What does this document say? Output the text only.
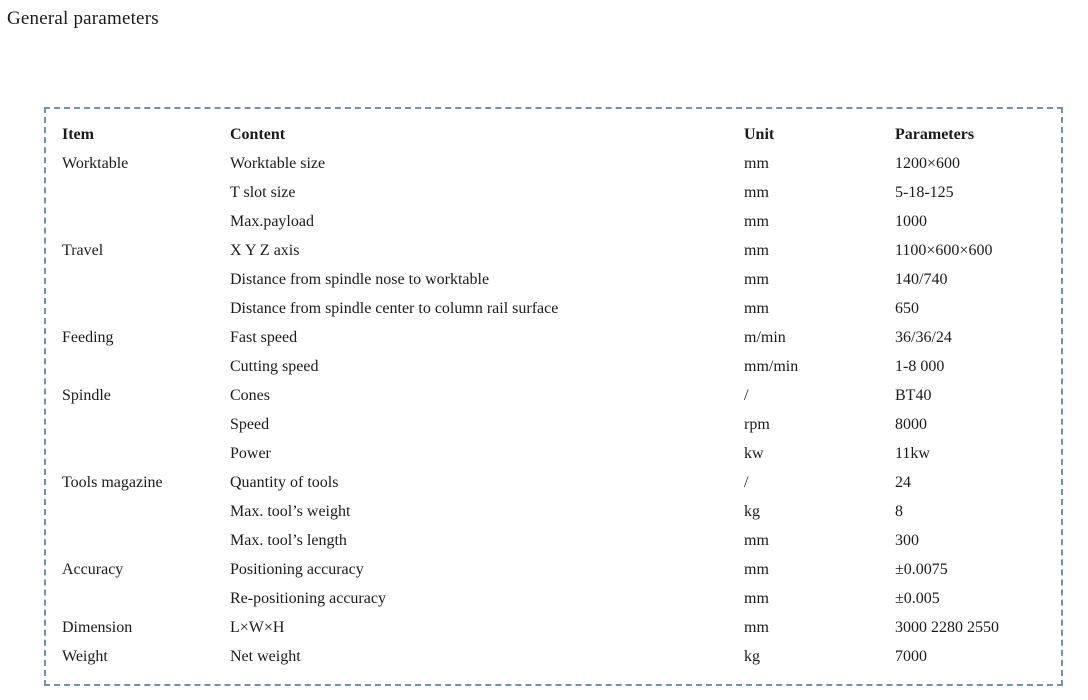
General parameters
Item	Content	Unit	Parameters
Worktable	Worktable size	mm	1200×600
	T slot size	mm	5-18-125
	Max.payload	mm	1000
Travel	X Y Z axis	mm	1100×600×600
	Distance from spindle nose to worktable	mm	140/740
	Distance from spindle center to column rail surface	mm	650
Feeding	Fast speed	m/min	36/36/24
	Cutting speed	mm/min	1-8 000
Spindle	Cones	/	BT40
	Speed	rpm	8000
	Power	kw	11kw
Tools magazine	Quantity of tools	/	24
	Max. tool’s weight	kg	8
	Max. tool’s length	mm	300
Accuracy	Positioning accuracy	mm	±0.0075
	Re-positioning accuracy	mm	±0.005
Dimension	L×W×H	mm	3000 2280 2550
Weight	Net weight	kg	7000
